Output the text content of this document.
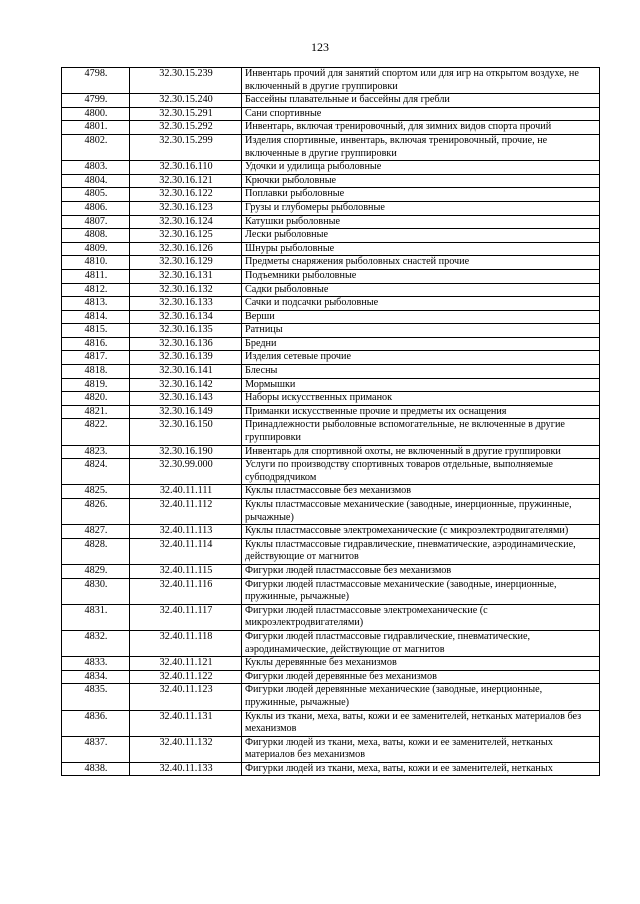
123
4798.	32.30.15.239	Инвентарь прочий для занятий спортом или для игр на открытом воздухе, не включенный в другие группировки
4799.	32.30.15.240	Бассейны плавательные и бассейны для гребли
4800.	32.30.15.291	Сани спортивные
4801.	32.30.15.292	Инвентарь, включая тренировочный, для зимних видов спорта прочий
4802.	32.30.15.299	Изделия спортивные, инвентарь, включая тренировочный, прочие, не включенные в другие группировки
4803.	32.30.16.110	Удочки и удилища рыболовные
4804.	32.30.16.121	Крючки рыболовные
4805.	32.30.16.122	Поплавки рыболовные
4806.	32.30.16.123	Грузы и глубомеры рыболовные
4807.	32.30.16.124	Катушки рыболовные
4808.	32.30.16.125	Лески рыболовные
4809.	32.30.16.126	Шнуры рыболовные
4810.	32.30.16.129	Предметы снаряжения рыболовных снастей прочие
4811.	32.30.16.131	Подъемники рыболовные
4812.	32.30.16.132	Садки рыболовные
4813.	32.30.16.133	Сачки и подсачки рыболовные
4814.	32.30.16.134	Верши
4815.	32.30.16.135	Ратницы
4816.	32.30.16.136	Бредни
4817.	32.30.16.139	Изделия сетевые прочие
4818.	32.30.16.141	Блесны
4819.	32.30.16.142	Мормышки
4820.	32.30.16.143	Наборы искусственных приманок
4821.	32.30.16.149	Приманки искусственные прочие и предметы их оснащения
4822.	32.30.16.150	Принадлежности рыболовные вспомогательные, не включенные в другие группировки
4823.	32.30.16.190	Инвентарь для спортивной охоты, не включенный в другие группировки
4824.	32.30.99.000	Услуги по производству спортивных товаров отдельные, выполняемые субподрядчиком
4825.	32.40.11.111	Куклы пластмассовые без механизмов
4826.	32.40.11.112	Куклы пластмассовые механические (заводные, инерционные, пружинные, рычажные)
4827.	32.40.11.113	Куклы пластмассовые электромеханические (с микроэлектродвигателями)
4828.	32.40.11.114	Куклы пластмассовые гидравлические, пневматические, аэродинамические, действующие от магнитов
4829.	32.40.11.115	Фигурки людей пластмассовые без механизмов
4830.	32.40.11.116	Фигурки людей пластмассовые механические (заводные, инерционные, пружинные, рычажные)
4831.	32.40.11.117	Фигурки людей пластмассовые электромеханические (с микроэлектродвигателями)
4832.	32.40.11.118	Фигурки людей пластмассовые гидравлические, пневматические, аэродинамические, действующие от магнитов
4833.	32.40.11.121	Куклы деревянные без механизмов
4834.	32.40.11.122	Фигурки людей деревянные без механизмов
4835.	32.40.11.123	Фигурки людей деревянные механические (заводные, инерционные, пружинные, рычажные)
4836.	32.40.11.131	Куклы из ткани, меха, ваты, кожи и ее заменителей, нетканых материалов без механизмов
4837.	32.40.11.132	Фигурки людей из ткани, меха, ваты, кожи и ее заменителей, нетканых материалов без механизмов
4838.	32.40.11.133	Фигурки людей из ткани, меха, ваты, кожи и ее заменителей, нетканых
